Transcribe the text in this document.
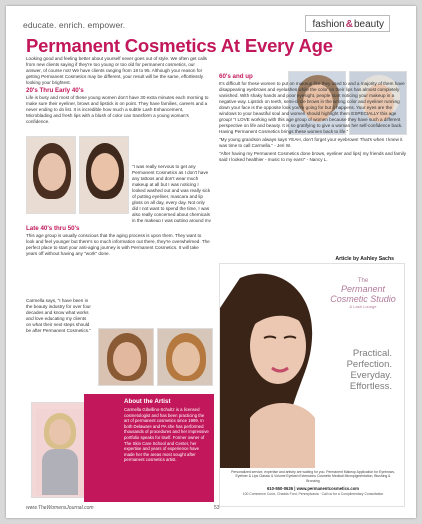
educate. enrich. empower.	fashion & beauty
Permanent Cosmetics At Every Age

Looking good and feeling better about yourself never goes out of style. We often get calls from new clients saying if they're too young or too old for permanent cosmetics, our answer, of course not! We have clients ranging from 18 to 95. Although your reason for getting Permanent Cosmetics may be different, your result will be the same, effortlessly looking your brightest.

20's Thru Early 40's

Life is busy and most of these young women don't have 30 extra minutes each morning to make sure their eyeliner, brows and lipstick is on point. They have families, careers and a never ending to do list. It is incredible how much a subtle Lash Enhancement, Microblading and fresh lips with a blush of color can transform a young woman's confidence.

"I was really nervous to get any Permanent Cosmetics as I don't have any tattoos and don't wear much makeup at all but I was noticing I looked washed out and was really sick of putting eyeliner, mascara and lip gloss on all day, every day. Not only did I not want to spend the time, I was also really concerned about chemicals in the makeup I was putting around my

Late 40's thru 50's

This age group is usually conscious that the aging process is upon them. They want to look and feel younger but there's so much information out there, they're overwhelmed. The perfect place to start your anti-aging journey is with Permanent Cosmetics. It will take years off without having any "work" done.

Carmella says, "I have been in the beauty industry for over four decades and know what works and love educating my clients on what their next steps should be after Permanent Cosmetics."

About the Artist

Carmella Gibellino-Schultz is a licensed cosmetologist and has been practicing the art of permanent cosmetics since 1999. In both Delaware and PA she has performed thousands of procedures and her impressive portfolio speaks for itself. Former owner of The Skin Care School and Center, her expertise and years of experience have made her the areas most sought after permanent cosmetics artist.

60's and up

It's difficult for these women to put on makeup like they used to and a majority of them have disappearing eyebrows and eyelashes while the color on their lips has almost completely vanished. With shaky hands and poor eyesight, people start noticing your makeup in a negative way. Lipstick on teeth, semi-circle brows in the wrong color and eyeliner running down your face is the opposite look you're going for but it happens. Your eyes are the windows to your beautiful soul and women should highlight them ESPECIALLY this age group! "I LOVE working with this age group of women because they have such a different perspective on life and beauty. It is so gratifying to give a woman her self-confidence back. Having Permanent Cosmetics brings these women back to life."

"My young grandson always says YEAH, don't forget your eyebrows! That's when I knew it was time to call Carmella." - Jeri W.

"After having my Permanent Cosmetics done brows, eyeliner and lips) my friends and family said I looked healthier - music to my ears!" - Nancy L.

Article by Ashley Sachs
The
Permanent Cosmetic Studio
& Lash Lounge
Practical.
Perfection.
Everyday.
Effortless.
Personalized service, expertise and artistry are waiting for you. Permanent Makeup Application for Eyebrows, Eyeliner & Lips Classic & Volume Eyelash Extensions Cosmetic Medical Micropigmentation, Blushing & Bronzing
610-550-0636 | www.permanentcosmetics.com
100 Commerce Court, Chadds Ford, Pennsylvania · Call us for a Complimentary Consultation
www.TheWomensJournal.com	53
